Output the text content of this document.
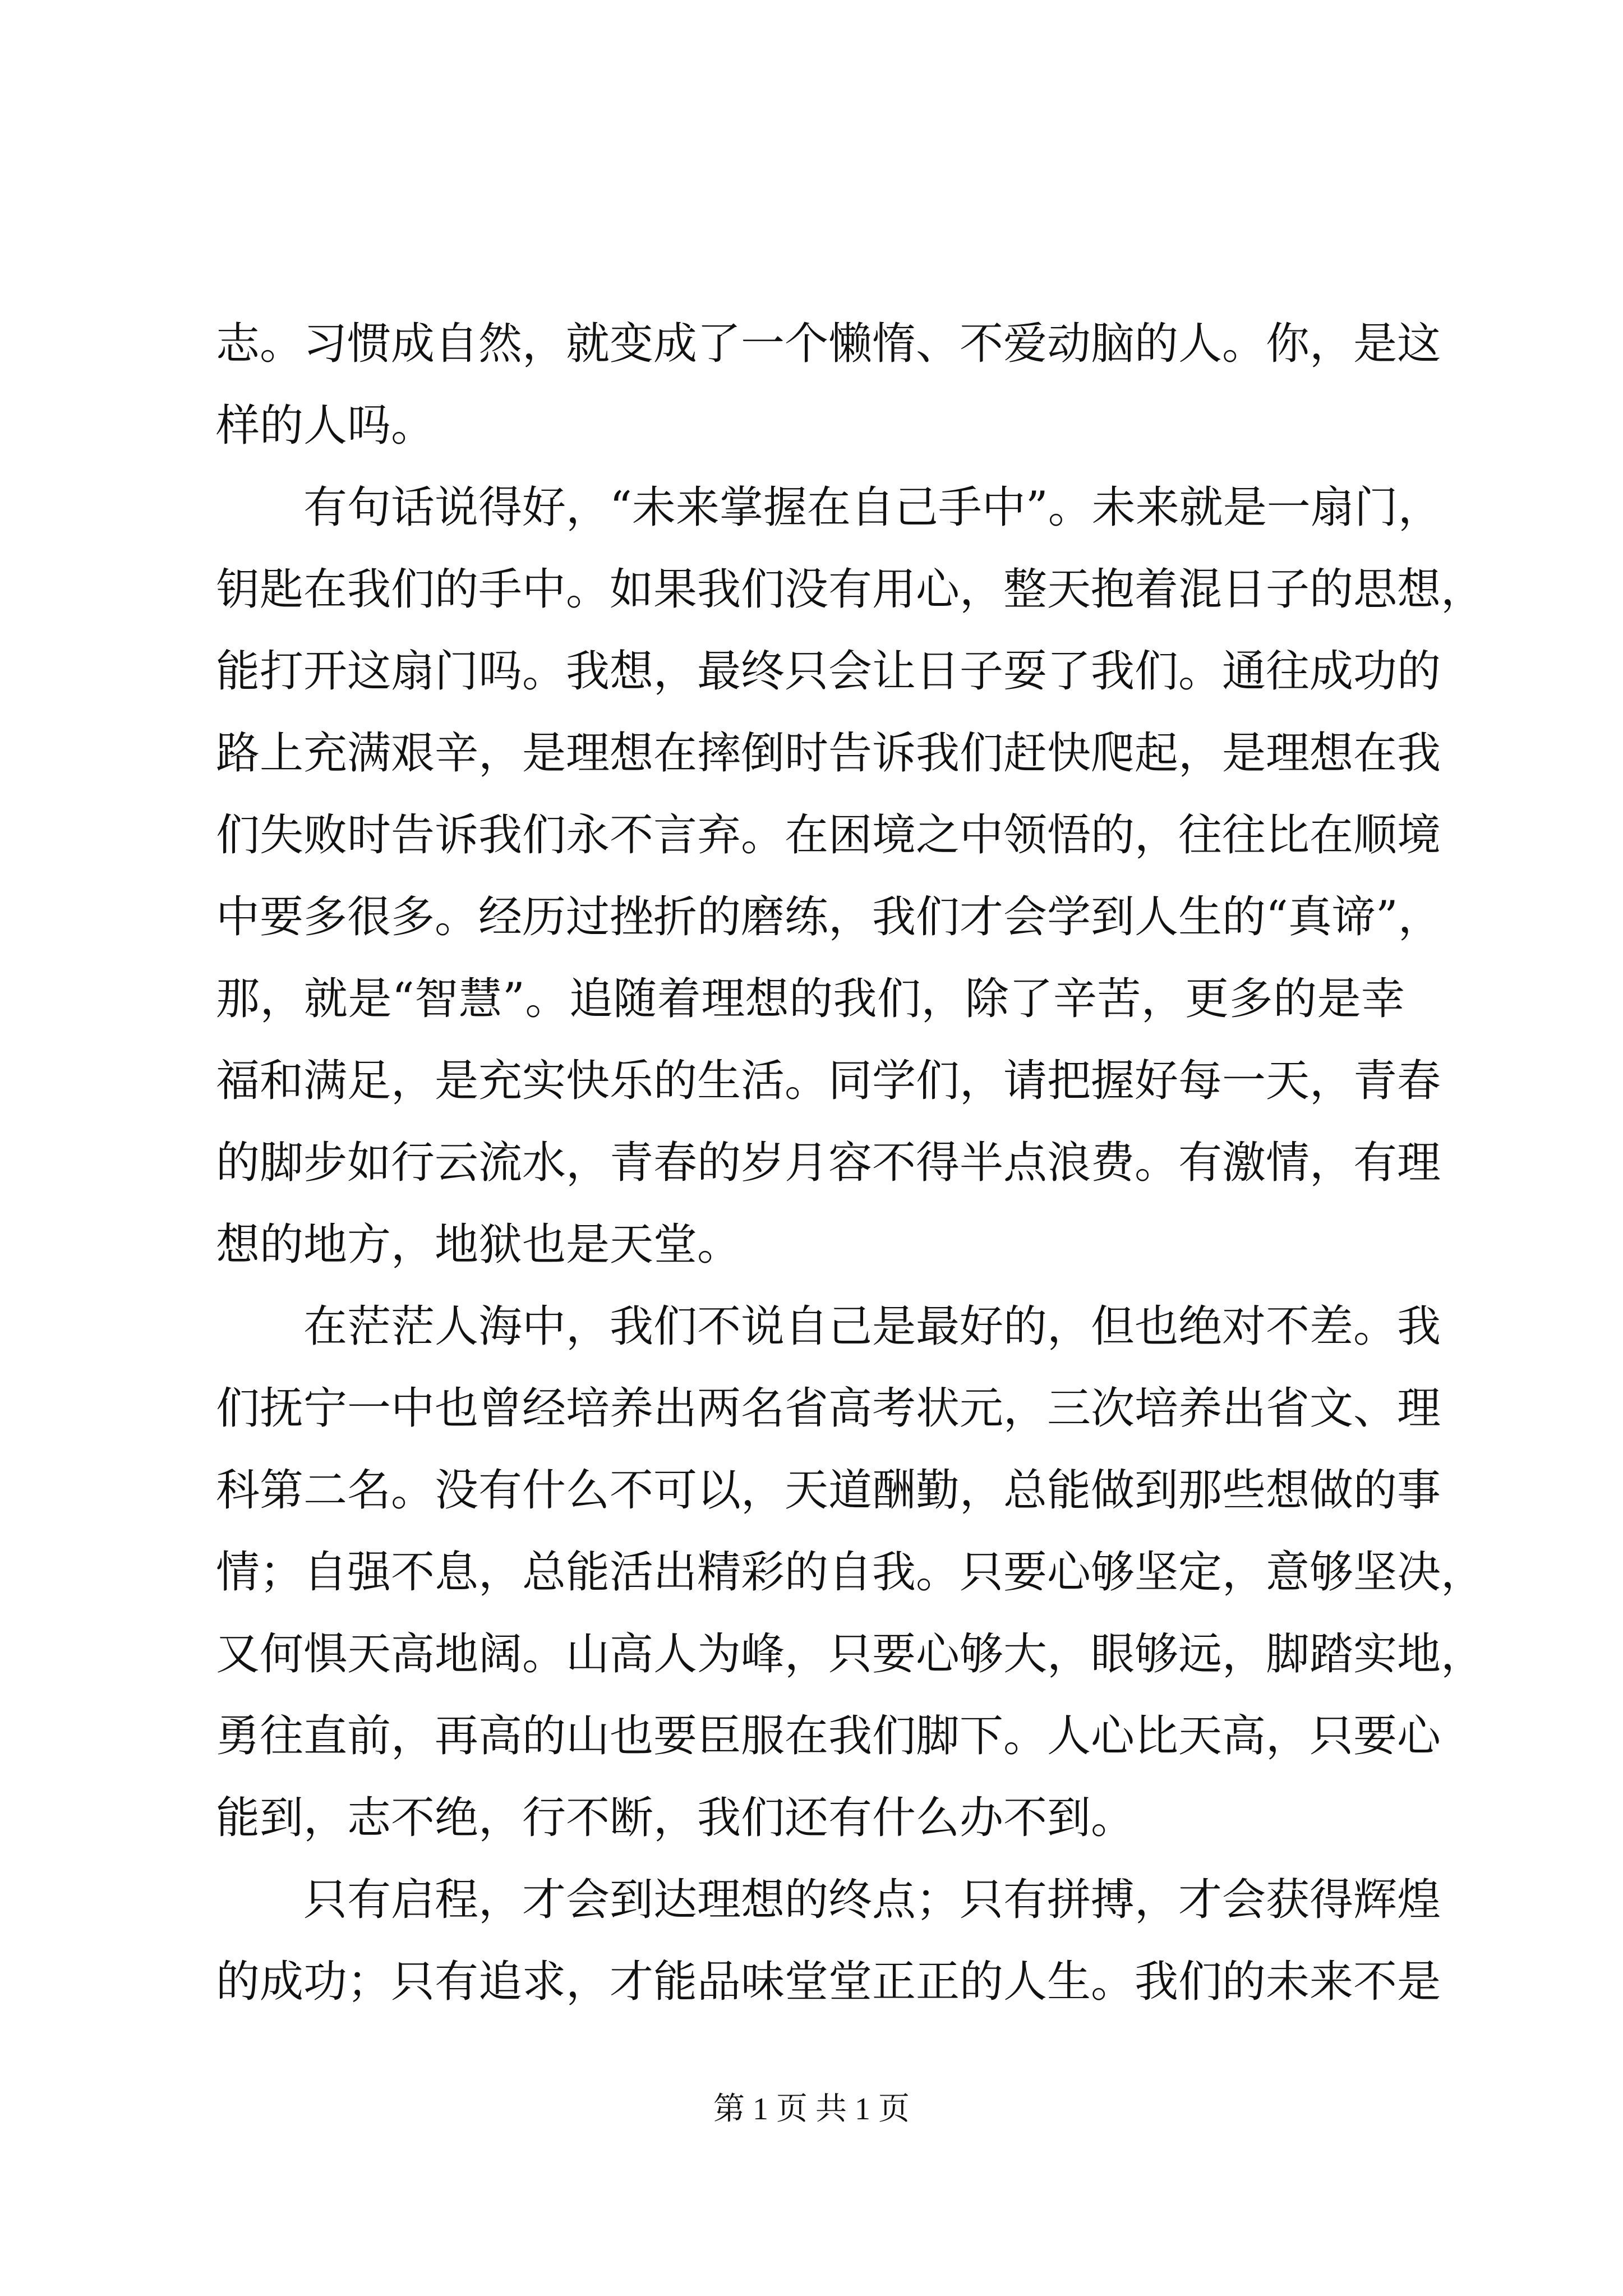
志。习惯成自然，就变成了一个懒惰、不爱动脑的人。你，是这
样的人吗。
有句话说得好，“未来掌握在自己手中”。未来就是一扇门，
钥匙在我们的手中。如果我们没有用心，整天抱着混日子的思想，
能打开这扇门吗。我想，最终只会让日子耍了我们。通往成功的
路上充满艰辛，是理想在摔倒时告诉我们赶快爬起，是理想在我
们失败时告诉我们永不言弃。在困境之中领悟的，往往比在顺境
中要多很多。经历过挫折的磨练，我们才会学到人生的“真谛”，
那，就是“智慧”。追随着理想的我们，除了辛苦，更多的是幸
福和满足，是充实快乐的生活。同学们，请把握好每一天，青春
的脚步如行云流水，青春的岁月容不得半点浪费。有激情，有理
想的地方，地狱也是天堂。
在茫茫人海中，我们不说自己是最好的，但也绝对不差。我
们抚宁一中也曾经培养出两名省高考状元，三次培养出省文、理
科第二名。没有什么不可以，天道酬勤，总能做到那些想做的事
情；自强不息，总能活出精彩的自我。只要心够坚定，意够坚决，
又何惧天高地阔。山高人为峰，只要心够大，眼够远，脚踏实地，
勇往直前，再高的山也要臣服在我们脚下。人心比天高，只要心
能到，志不绝，行不断，我们还有什么办不到。
只有启程，才会到达理想的终点；只有拼搏，才会获得辉煌
的成功；只有追求，才能品味堂堂正正的人生。我们的未来不是
第 1 页 共 1 页
